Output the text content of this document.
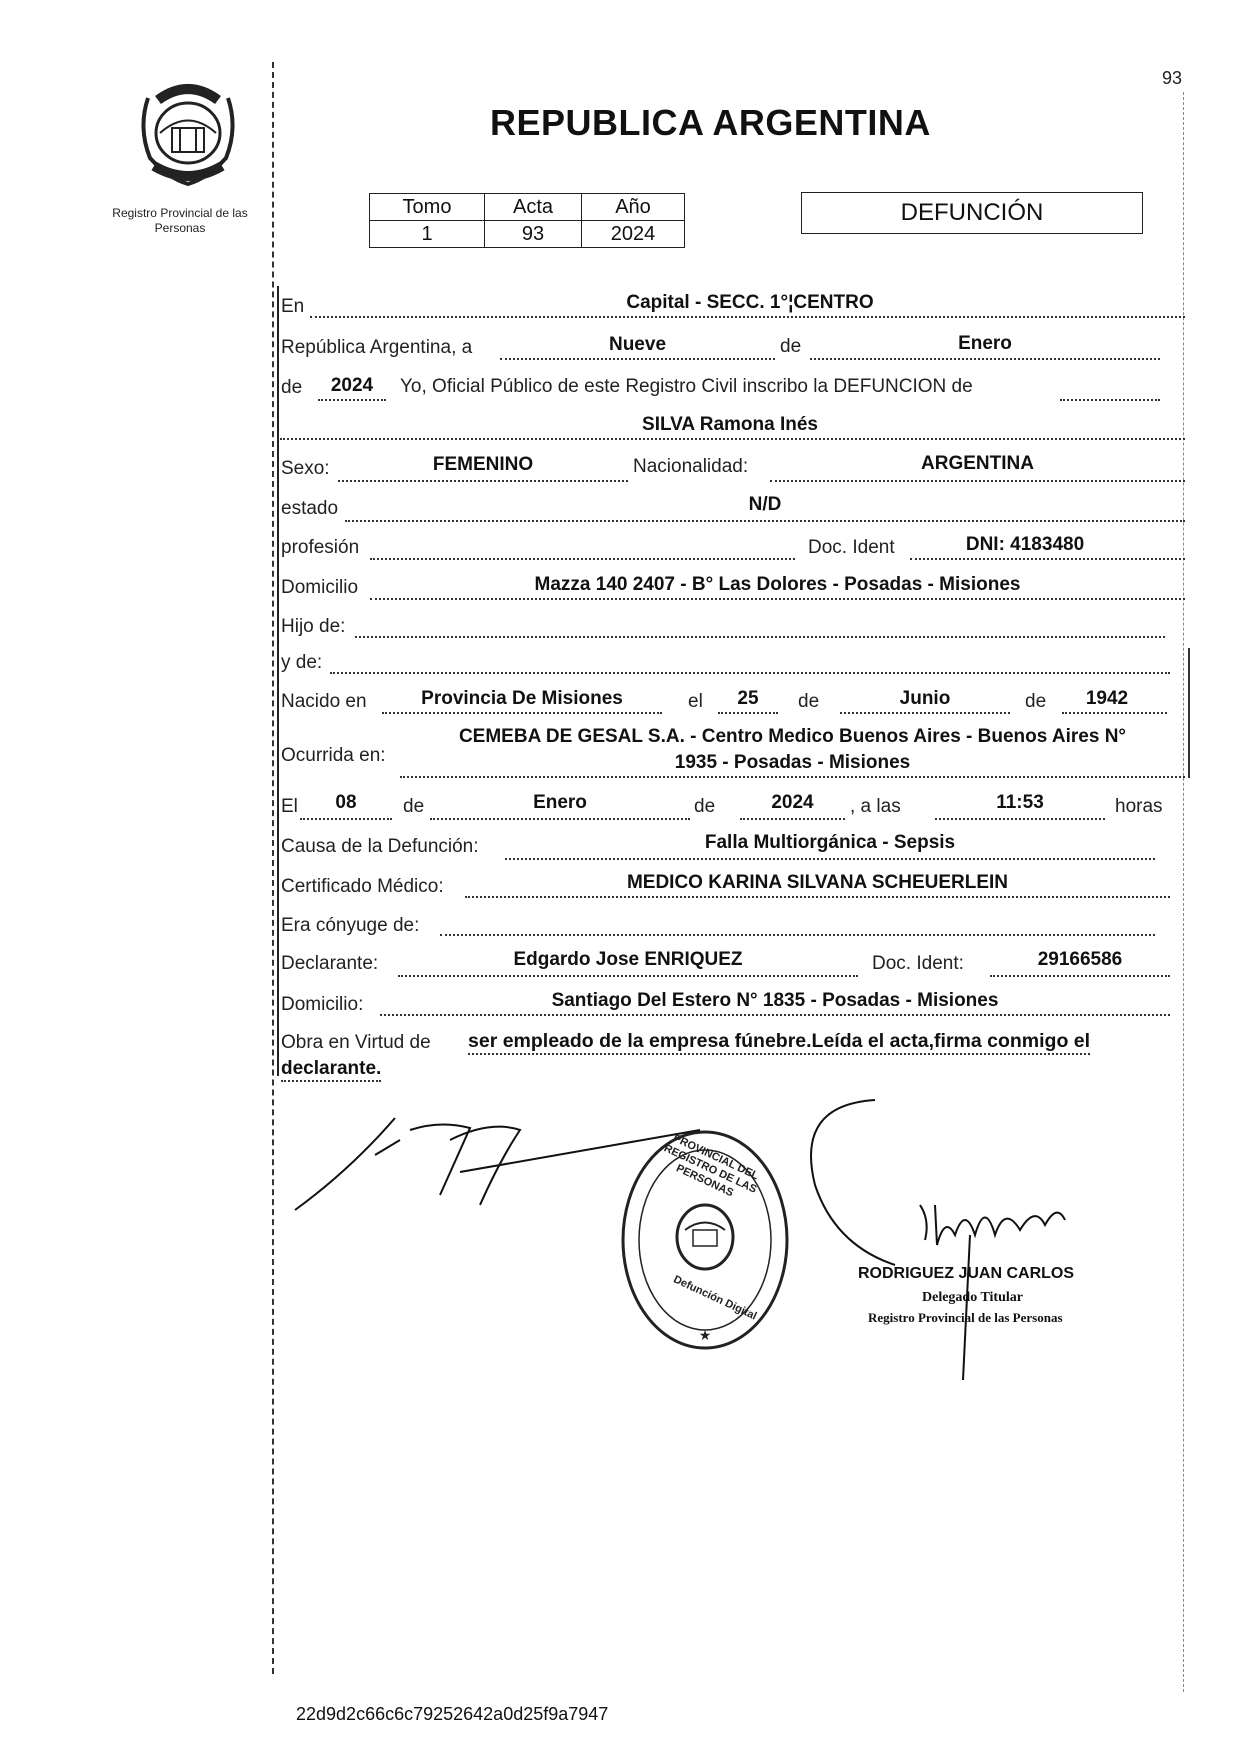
93
Registro Provincial de las Personas
REPUBLICA ARGENTINA
Tomo	Acta	Año
1	93	2024
DEFUNCIÓN
En	Capital - SECC. 1°¦CENTRO
República Argentina, a	Nueve	de	Enero
de	2024	Yo, Oficial Público de este Registro Civil inscribo la DEFUNCION de
SILVA Ramona Inés
Sexo:	FEMENINO	Nacionalidad:	ARGENTINA
estado	N/D
profesión	Doc. Ident	DNI: 4183480
Domicilio	Mazza 140 2407 - B° Las Dolores - Posadas - Misiones
Hijo de:
y de:
Nacido en	Provincia De Misiones	el	25	de	Junio	de	1942
Ocurrida en:
CEMEBA DE GESAL S.A. - Centro Medico Buenos Aires - Buenos Aires N°
1935 - Posadas - Misiones
El	08	de	Enero	de	2024	, a las	11:53	horas
Causa de la Defunción:	Falla Multiorgánica - Sepsis
Certificado Médico:	MEDICO KARINA SILVANA SCHEUERLEIN
Era cónyuge de:
Declarante:	Edgardo Jose ENRIQUEZ	Doc. Ident:	29166586
Domicilio:	Santiago Del Estero N° 1835 - Posadas - Misiones
Obra en Virtud de ser empleado de la empresa fúnebre.Leída el acta,firma conmigo el
declarante.
★
PROVINCIAL DEL REGISTRO DE LAS PERSONAS
Defunción Digital	RODRIGUEZ JUAN CARLOS
Delegado Titular
Registro Provincial de las Personas
22d9d2c66c6c79252642a0d25f9a7947
